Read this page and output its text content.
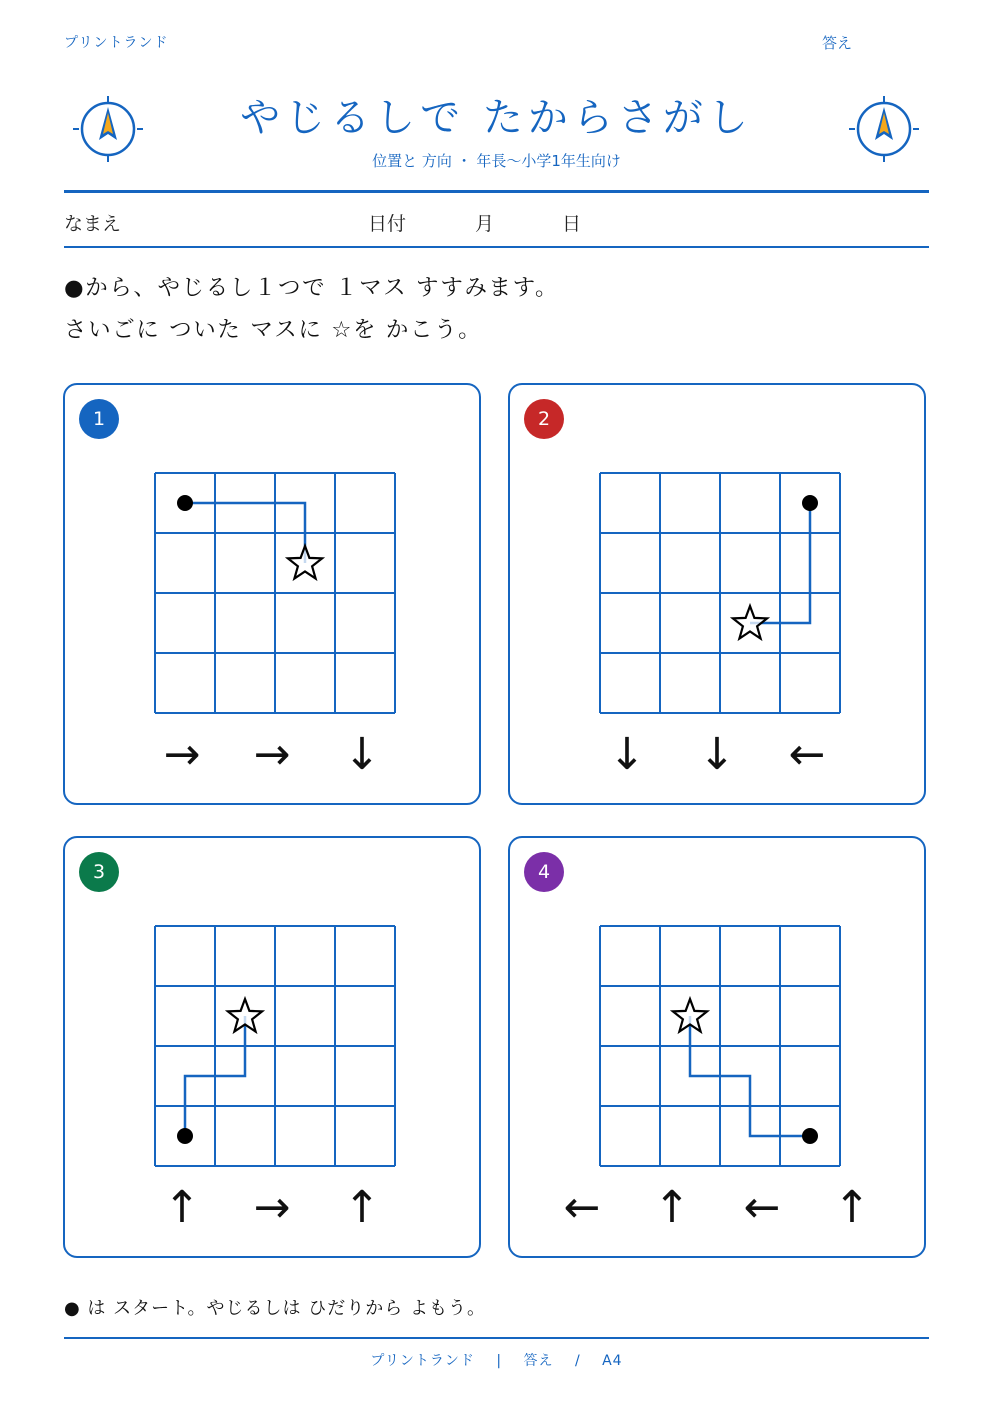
プリントランド	答え
やじるしで たからさがし
位置と 方向 ・ 年長〜小学1年生向け
なまえ	日付	月	日
●から、やじるし１つで １マス すすみます。
さいごに ついた マスに ☆を かこう。
1
→ → ↓
2
↓ ↓ ←
3
↑ → ↑
4
← ↑ ← ↑
● は スタート。やじるしは ひだりから よもう。
プリントランド | 答え / A4
